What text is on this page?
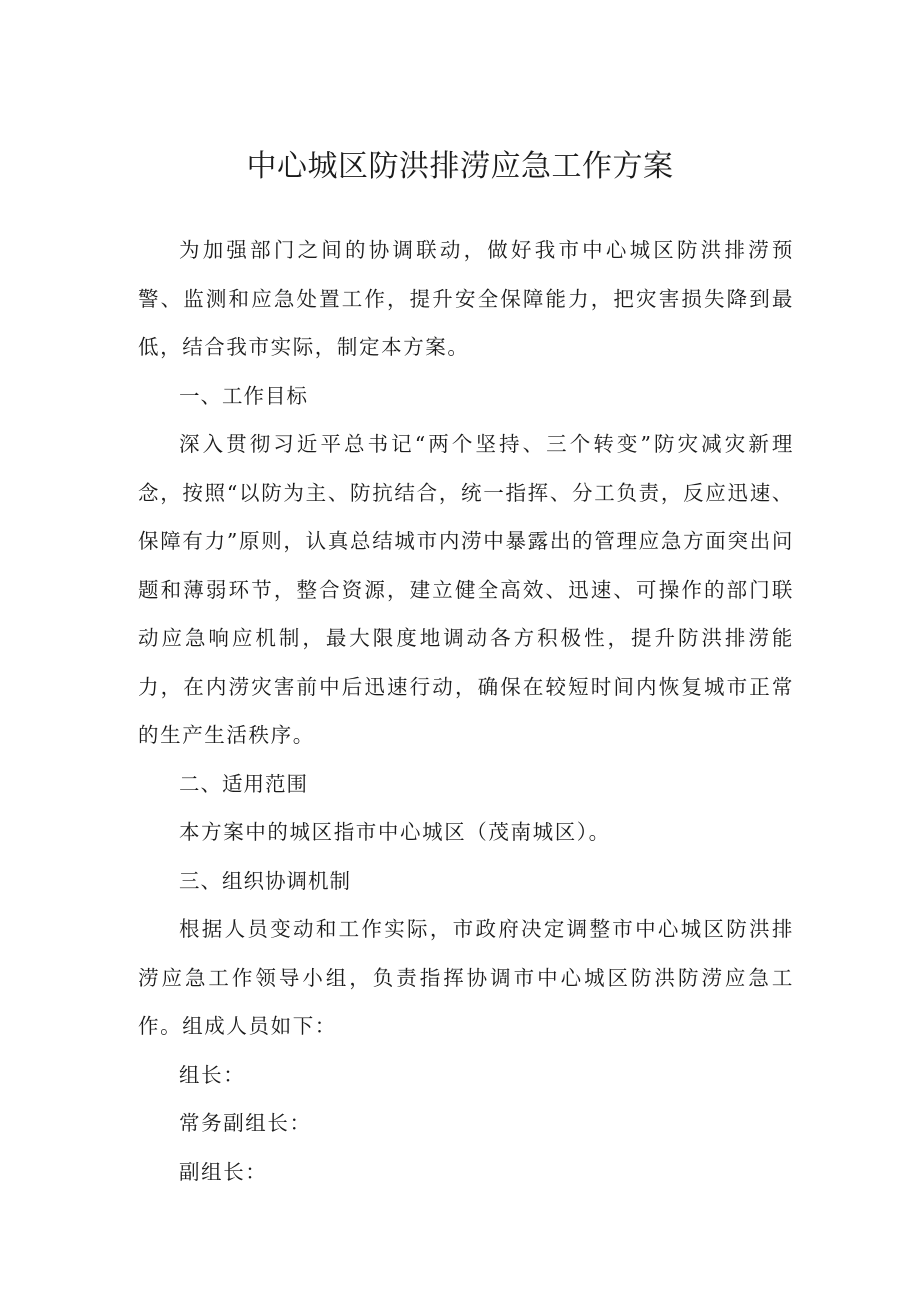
中心城区防洪排涝应急工作方案

为加强部门之间的协调联动，做好我市中心城区防洪排涝预警、监测和应急处置工作，提升安全保障能力，把灾害损失降到最低，结合我市实际，制定本方案。

一、工作目标

深入贯彻习近平总书记“两个坚持、三个转变”防灾减灾新理念，按照“以防为主、防抗结合，统一指挥、分工负责，反应迅速、保障有力”原则，认真总结城市内涝中暴露出的管理应急方面突出问题和薄弱环节，整合资源，建立健全高效、迅速、可操作的部门联动应急响应机制，最大限度地调动各方积极性，提升防洪排涝能力，在内涝灾害前中后迅速行动，确保在较短时间内恢复城市正常的生产生活秩序。

二、适用范围

本方案中的城区指市中心城区（茂南城区）。

三、组织协调机制

根据人员变动和工作实际，市政府决定调整市中心城区防洪排涝应急工作领导小组，负责指挥协调市中心城区防洪防涝应急工作。组成人员如下：

组长：

常务副组长：

副组长：
